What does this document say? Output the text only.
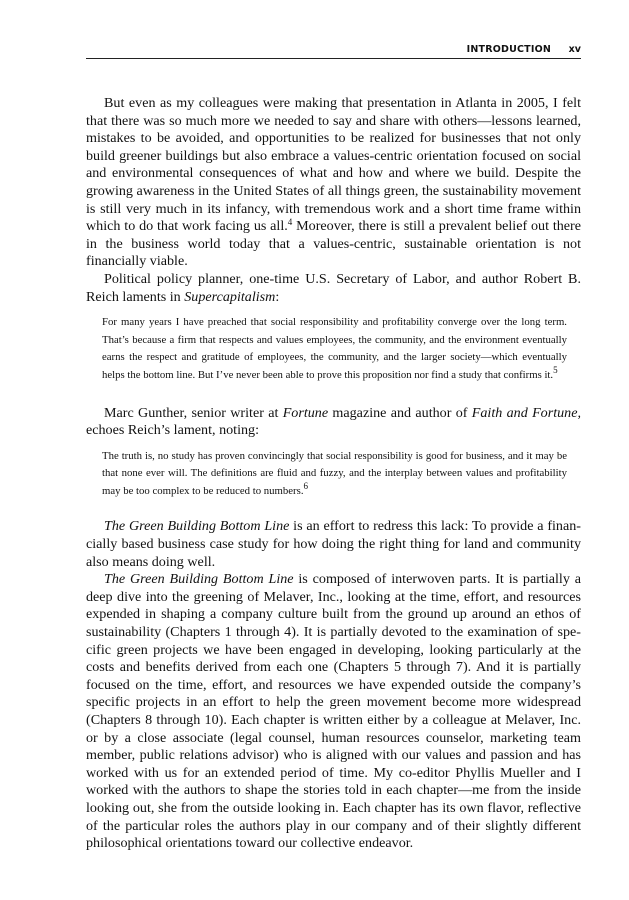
INTRODUCTION xv

But even as my colleagues were making that presentation in Atlanta in 2005, I felt that there was so much more we needed to say and share with others—lessons learned, mistakes to be avoided, and opportunities to be realized for businesses that not only build greener buildings but also embrace a values-centric orientation focused on social and environmental consequences of what and how and where we build. Despite the growing awareness in the United States of all things green, the sustainability movement is still very much in its infancy, with tremendous work and a short time frame within which to do that work facing us all.$^4$ Moreover, there is still a prevalent belief out there in the business world today that a values-centric, sustainable orientation is not financially viable.

Political policy planner, one-time U.S. Secretary of Labor, and author Robert B. Reich laments in Supercapitalism:

For many years I have preached that social responsibility and profitability converge over the long term. That’s because a firm that respects and values employees, the community, and the environment eventually earns the respect and gratitude of employees, the community, and the larger society—which eventually helps the bottom line. But I’ve never been able to prove this proposition nor find a study that confirms it.$^5$

Marc Gunther, senior writer at Fortune magazine and author of Faith and Fortune, echoes Reich’s lament, noting:

The truth is, no study has proven convincingly that social responsibility is good for business, and it may be that none ever will. The definitions are fluid and fuzzy, and the interplay between values and profitability may be too complex to be reduced to numbers.$^6$

The Green Building Bottom Line is an effort to redress this lack: To provide a financially based business case study for how doing the right thing for land and community also means doing well.

The Green Building Bottom Line is composed of interwoven parts. It is partially a deep dive into the greening of Melaver, Inc., looking at the time, effort, and resources expended in shaping a company culture built from the ground up around an ethos of sustainability (Chapters 1 through 4). It is partially devoted to the examination of specific green projects we have been engaged in developing, looking particularly at the costs and benefits derived from each one (Chapters 5 through 7). And it is partially focused on the time, effort, and resources we have expended outside the company’s specific projects in an effort to help the green movement become more widespread (Chapters 8 through 10). Each chapter is written either by a colleague at Melaver, Inc. or by a close associate (legal counsel, human resources counselor, marketing team member, public relations advisor) who is aligned with our values and passion and has worked with us for an extended period of time. My co-editor Phyllis Mueller and I worked with the authors to shape the stories told in each chapter—me from the inside looking out, she from the outside looking in. Each chapter has its own flavor, reflective of the particular roles the authors play in our company and of their slightly different philosophical orientations toward our collective endeavor.
